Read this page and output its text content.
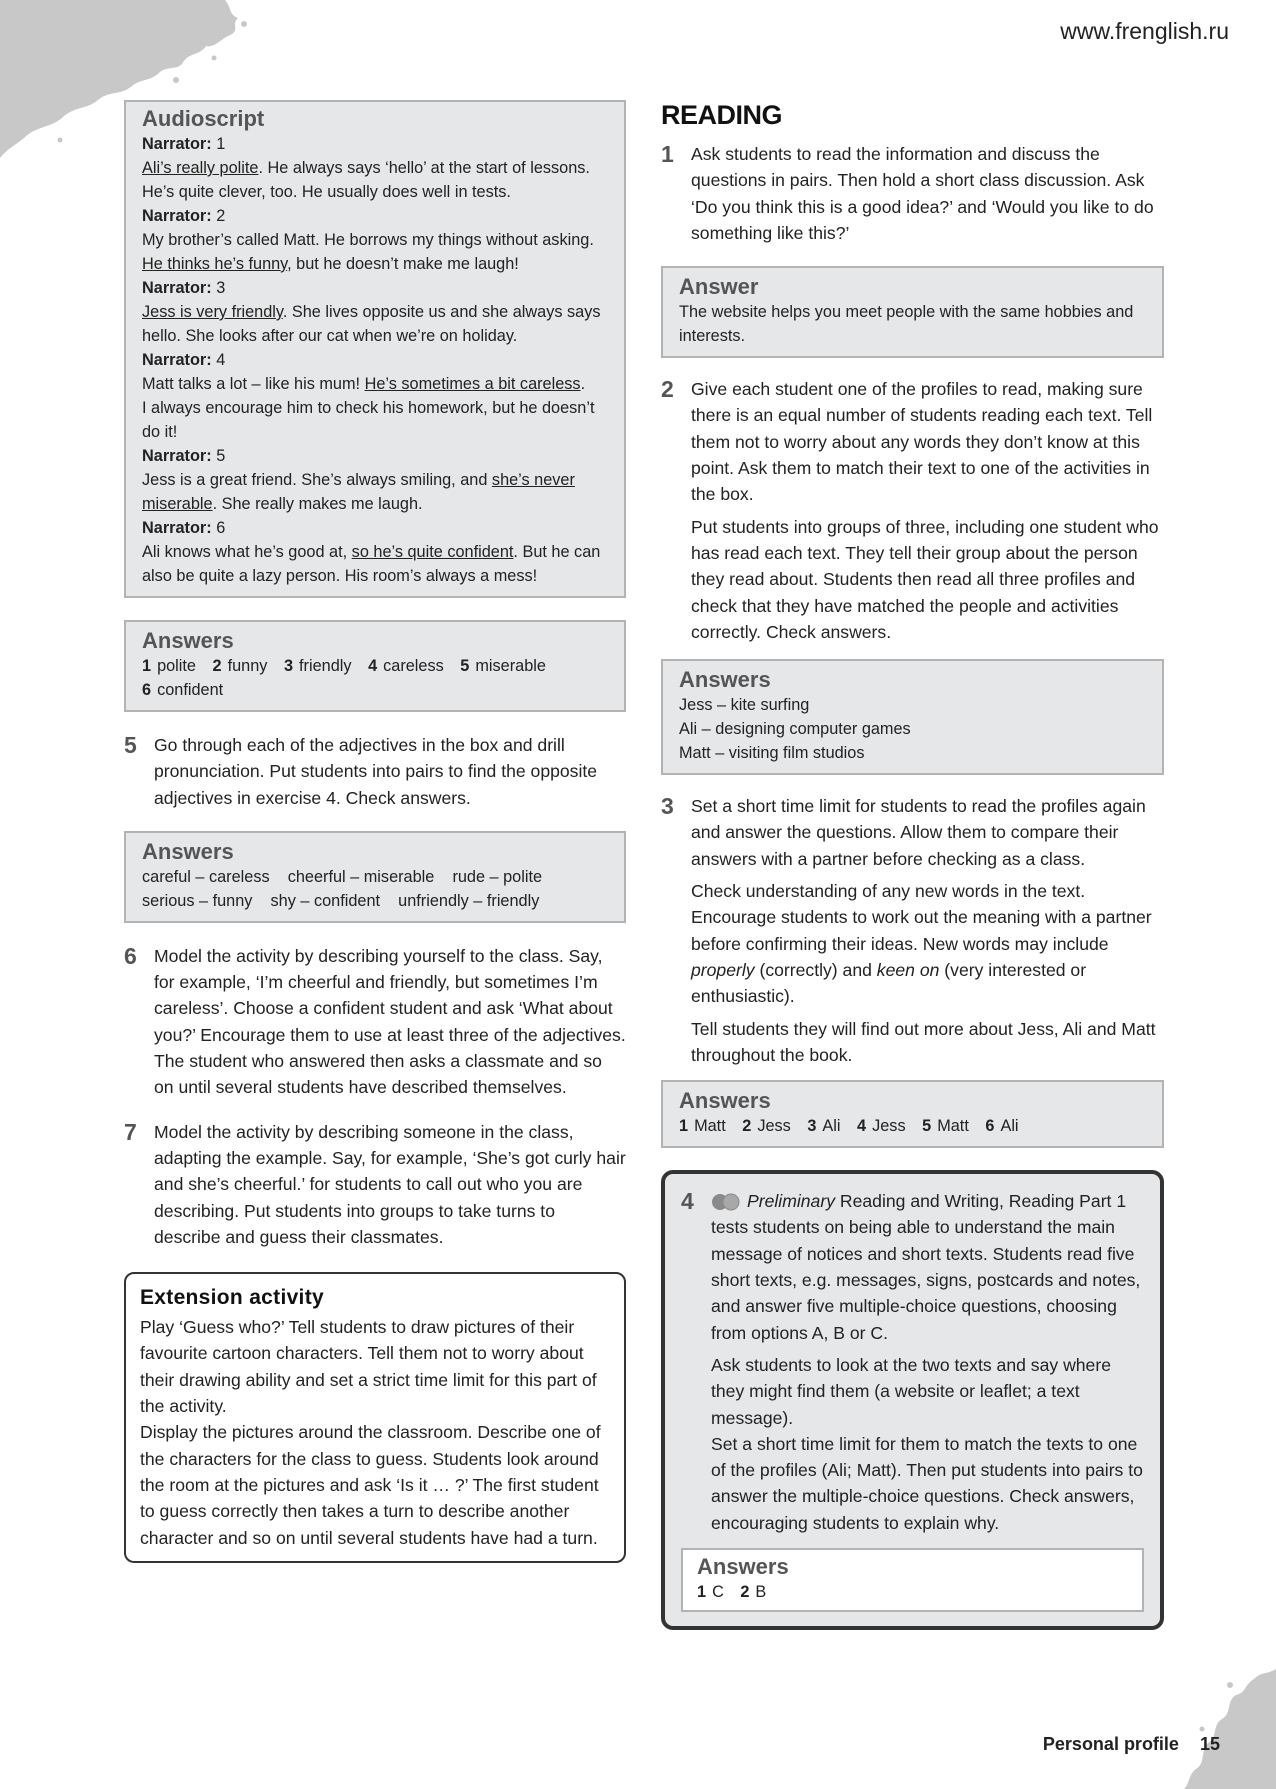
www.frenglish.ru
Audioscript

Narrator: 1

Ali’s really polite. He always says ‘hello’ at the start of lessons.
He’s quite clever, too. He usually does well in tests.

Narrator: 2

My brother’s called Matt. He borrows my things without asking.
He thinks he’s funny, but he doesn’t make me laugh!

Narrator: 3

Jess is very friendly. She lives opposite us and she always says
hello. She looks after our cat when we’re on holiday.

Narrator: 4

Matt talks a lot – like his mum! He’s sometimes a bit careless.
I always encourage him to check his homework, but he doesn’t do it!

Narrator: 5

Jess is a great friend. She’s always smiling, and she’s never miserable. She really makes me laugh.

Narrator: 6

Ali knows what he’s good at, so he’s quite confident. But he can also be quite a lazy person. His room’s always a mess!

Answers

1 polite 2 funny 3 friendly 4 careless 5 miserable
6 confident

5 Go through each of the adjectives in the box and drill pronunciation. Put students into pairs to find the opposite adjectives in exercise 4. Check answers.

Answers

careful – careless cheerful – miserable rude – polite

serious – funny shy – confident unfriendly – friendly

6 Model the activity by describing yourself to the class. Say, for example, ‘I’m cheerful and friendly, but sometimes I’m careless’. Choose a confident student and ask ‘What about you?’ Encourage them to use at least three of the adjectives. The student who answered then asks a classmate and so on until several students have described themselves.

7 Model the activity by describing someone in the class, adapting the example. Say, for example, ‘She’s got curly hair and she’s cheerful.’ for students to call out who you are describing. Put students into groups to take turns to describe and guess their classmates.

Extension activity

Play ‘Guess who?’ Tell students to draw pictures of their favourite cartoon characters. Tell them not to worry about their drawing ability and set a strict time limit for this part of the activity.

Display the pictures around the classroom. Describe one of the characters for the class to guess. Students look around the room at the pictures and ask ‘Is it … ?’ The first student to guess correctly then takes a turn to describe another character and so on until several students have had a turn.

READING
1 Ask students to read the information and discuss the questions in pairs. Then hold a short class discussion. Ask ‘Do you think this is a good idea?’ and ‘Would you like to do something like this?’

Answer

The website helps you meet people with the same hobbies and interests.

2 Give each student one of the profiles to read, making sure there is an equal number of students reading each text. Tell them not to worry about any words they don’t know at this point. Ask them to match their text to one of the activities in the box.

Put students into groups of three, including one student who has read each text. They tell their group about the person they read about. Students then read all three profiles and check that they have matched the people and activities correctly. Check answers.

Answers

Jess – kite surfing

Ali – designing computer games

Matt – visiting film studios

3 Set a short time limit for students to read the profiles again and answer the questions. Allow them to compare their answers with a partner before checking as a class.

Check understanding of any new words in the text. Encourage students to work out the meaning with a partner before confirming their ideas. New words may include properly (correctly) and keen on (very interested or enthusiastic).

Tell students they will find out more about Jess, Ali and Matt throughout the book.

Answers

1 Matt 2 Jess 3 Ali 4 Jess 5 Matt 6 Ali

4	Preliminary Reading and Writing, Reading Part 1 tests students on being able to understand the main message of notices and short texts. Students read five short texts, e.g. messages, signs, postcards and notes, and answer five multiple-choice questions, choosing from options A, B or C.

Ask students to look at the two texts and say where they might find them (a website or leaflet; a text message).

Set a short time limit for them to match the texts to one of the profiles (Ali; Matt). Then put students into pairs to answer the multiple-choice questions. Check answers, encouraging students to explain why.

Answers

1 C 2 B

Personal profile 15
